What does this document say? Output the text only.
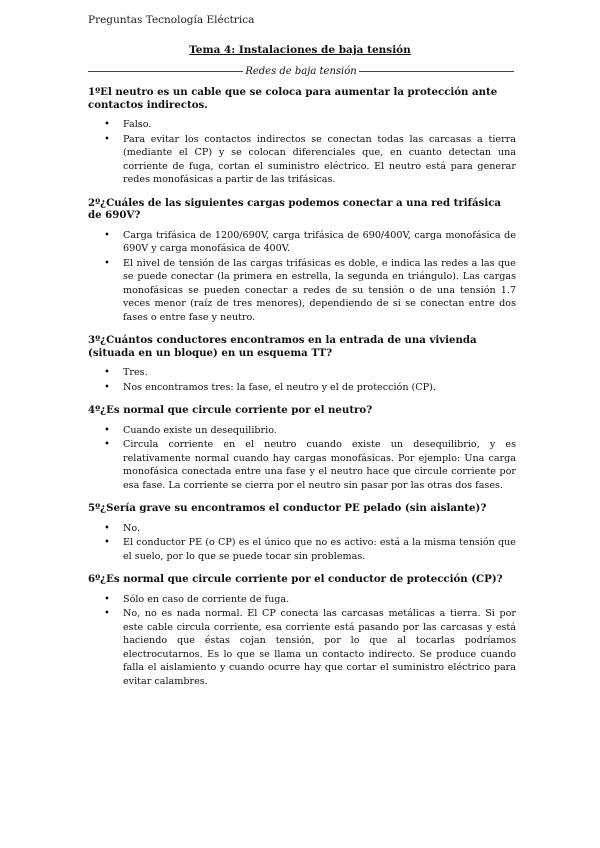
Preguntas Tecnología Eléctrica
Tema 4: Instalaciones de baja tensión
Redes de baja tensión

1ºEl neutro es un cable que se coloca para aumentar la protección ante contactos indirectos.

• Falso.
• Para evitar los contactos indirectos se conectan todas las carcasas a tierra (mediante el CP) y se colocan diferenciales que, en cuanto detectan una corriente de fuga, cortan el suministro eléctrico. El neutro está para generar redes monofásicas a partir de las trifásicas.

2º¿Cuáles de las siguientes cargas podemos conectar a una red trifásica de 690V?

• Carga trifásica de 1200/690V, carga trifásica de 690/400V, carga monofásica de 690V y carga monofásica de 400V.
• El nivel de tensión de las cargas trifásicas es doble, e indica las redes a las que se puede conectar (la primera en estrella, la segunda en triángulo). Las cargas monofásicas se pueden conectar a redes de su tensión o de una tensión 1.7 veces menor (raíz de tres menores), dependiendo de si se conectan entre dos fases o entre fase y neutro.

3º¿Cuántos conductores encontramos en la entrada de una vivienda (situada en un bloque) en un esquema TT?

• Tres.
• Nos encontramos tres: la fase, el neutro y el de protección (CP).

4º¿Es normal que circule corriente por el neutro?

• Cuando existe un desequilibrio.
• Circula corriente en el neutro cuando existe un desequilibrio, y es relativamente normal cuando hay cargas monofásicas. Por ejemplo: Una carga monofásica conectada entre una fase y el neutro hace que circule corriente por esa fase. La corriente se cierra por el neutro sin pasar por las otras dos fases.

5º¿Sería grave su encontramos el conductor PE pelado (sin aislante)?

• No.
• El conductor PE (o CP) es el único que no es activo: está a la misma tensión que el suelo, por lo que se puede tocar sin problemas.

6º¿Es normal que circule corriente por el conductor de protección (CP)?

• Sólo en caso de corriente de fuga.
• No, no es nada normal. El CP conecta las carcasas metálicas a tierra. Si por este cable circula corriente, esa corriente está pasando por las carcasas y está haciendo que éstas cojan tensión, por lo que al tocarlas podríamos electrocutarnos. Es lo que se llama un contacto indirecto. Se produce cuando falla el aislamiento y cuando ocurre hay que cortar el suministro eléctrico para evitar calambres.
